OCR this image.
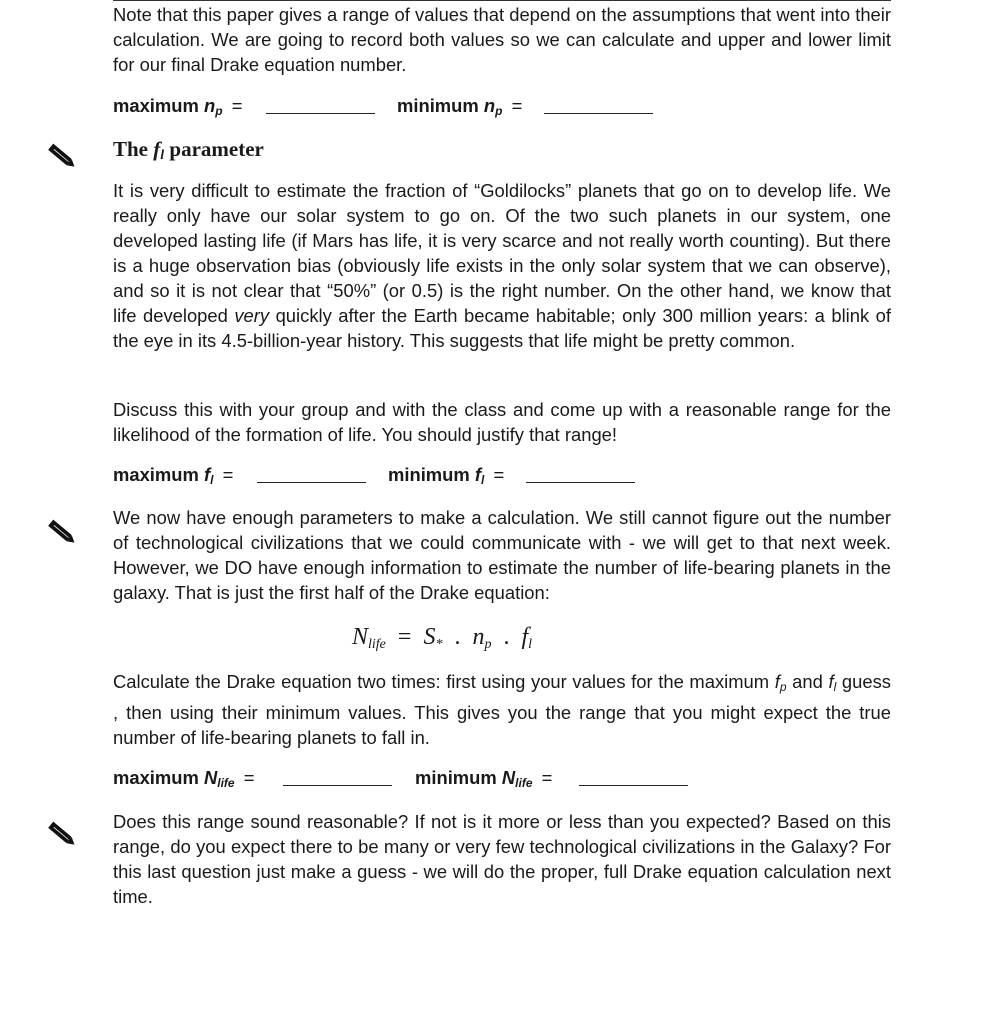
Note that this paper gives a range of values that depend on the assumptions that went into their calculation. We are going to record both values so we can calculate and upper and lower limit for our final Drake equation number.

maximum $n_p$ =	minimum $n_p$ =
The fl parameter

It is very difficult to estimate the fraction of “Goldilocks” planets that go on to develop life. We really only have our solar system to go on. Of the two such planets in our system, one developed lasting life (if Mars has life, it is very scarce and not really worth counting). But there is a huge observation bias (obviously life exists in the only solar system that we can observe), and so it is not clear that “50%” (or 0.5) is the right number. On the other hand, we know that life developed very quickly after the Earth became habitable; only 300 million years: a blink of the eye in its 4.5-billion-year history. This suggests that life might be pretty common.

Discuss this with your group and with the class and come up with a reasonable range for the likelihood of the formation of life. You should justify that range!

maximum $f_l$ =	minimum $f_l$ =

We now have enough parameters to make a calculation. We still cannot figure out the number of technological civilizations that we could communicate with - we will get to that next week. However, we DO have enough information to estimate the number of life-bearing planets in the galaxy. That is just the first half of the Drake equation:

$N_{life} = S_*$ . $n_p$ . $f_l$

Calculate the Drake equation two times: first using your values for the maximum fp and fl guess , then using their minimum values. This gives you the range that you might expect the true number of life-bearing planets to fall in.

maximum $N_{life}$ =	minimum $N_{life}$ =

Does this range sound reasonable? If not is it more or less than you expected? Based on this range, do you expect there to be many or very few technological civilizations in the Galaxy? For this last question just make a guess - we will do the proper, full Drake equation calculation next time.
